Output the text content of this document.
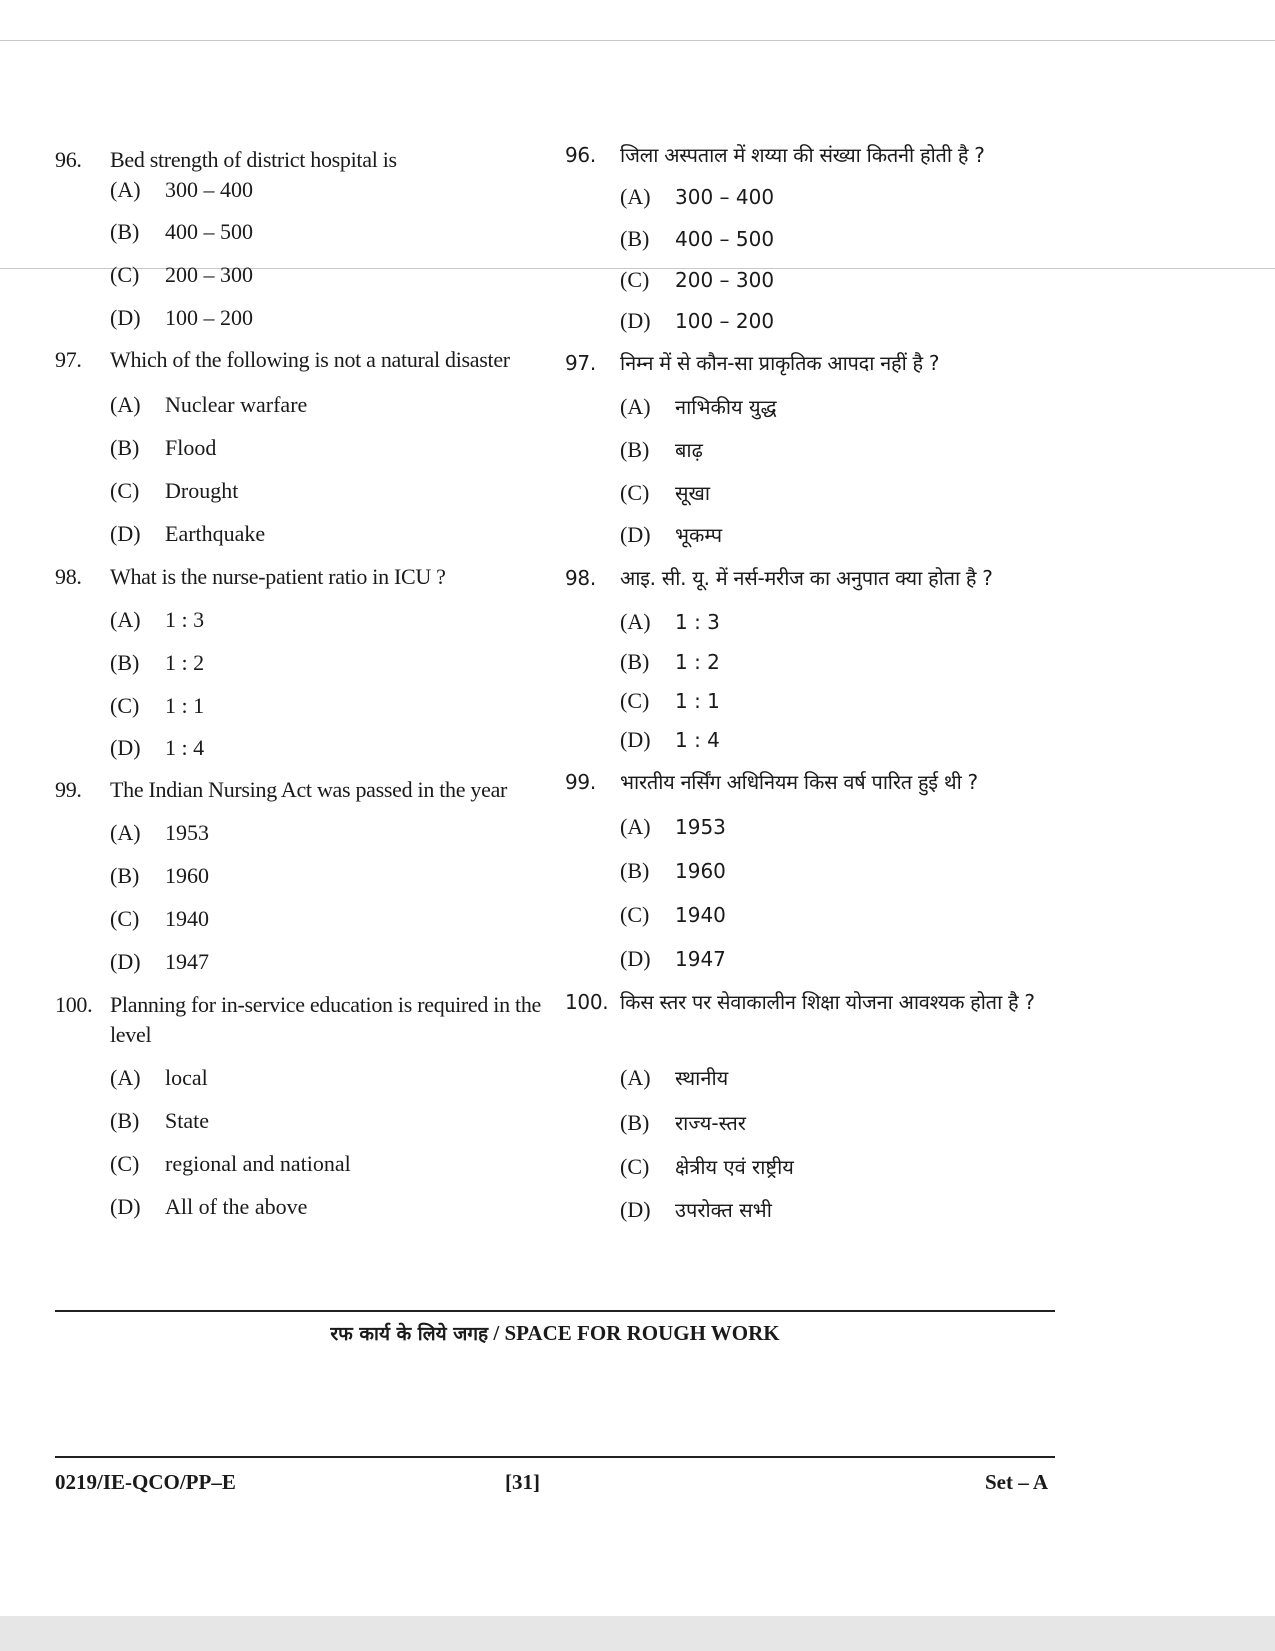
96.	Bed strength of district hospital is
(A)	300 – 400
(B)	400 – 500
(C)	200 – 300
(D)	100 – 200
97.	Which of the following is not a natural disaster
(A)	Nuclear warfare
(B)	Flood
(C)	Drought
(D)	Earthquake
98.	What is the nurse-patient ratio in ICU ?
(A)	1 : 3
(B)	1 : 2
(C)	1 : 1
(D)	1 : 4
99.	The Indian Nursing Act was passed in the year
(A)	1953
(B)	1960
(C)	1940
(D)	1947
100. Planning for in-service education is required in the level
(A)	local
(B)	State
(C)	regional and national
(D)	All of the above
96.	जिला अस्पताल में शय्या की संख्या कितनी होती है ?
(A)	300 – 400
(B)	400 – 500
(C)	200 – 300
(D)	100 – 200
97.	निम्न में से कौन-सा प्राकृतिक आपदा नहीं है ?
(A)	नाभिकीय युद्ध
(B)	बाढ़
(C)	सूखा
(D)	भूकम्प
98.	आइ. सी. यू. में नर्स-मरीज का अनुपात क्या होता है ?
(A)	1 : 3
(B)	1 : 2
(C)	1 : 1
(D)	1 : 4
99.	भारतीय नर्सिंग अधिनियम किस वर्ष पारित हुई थी ?
(A)	1953
(B)	1960
(C)	1940
(D)	1947
100. किस स्तर पर सेवाकालीन शिक्षा योजना आवश्यक होता है ?
(A)	स्थानीय
(B)	राज्य-स्तर
(C)	क्षेत्रीय एवं राष्ट्रीय
(D)	उपरोक्त सभी
रफ कार्य के लिये जगह / SPACE FOR ROUGH WORK
0219/IE-QCO/PP–E	[31]	Set – A
